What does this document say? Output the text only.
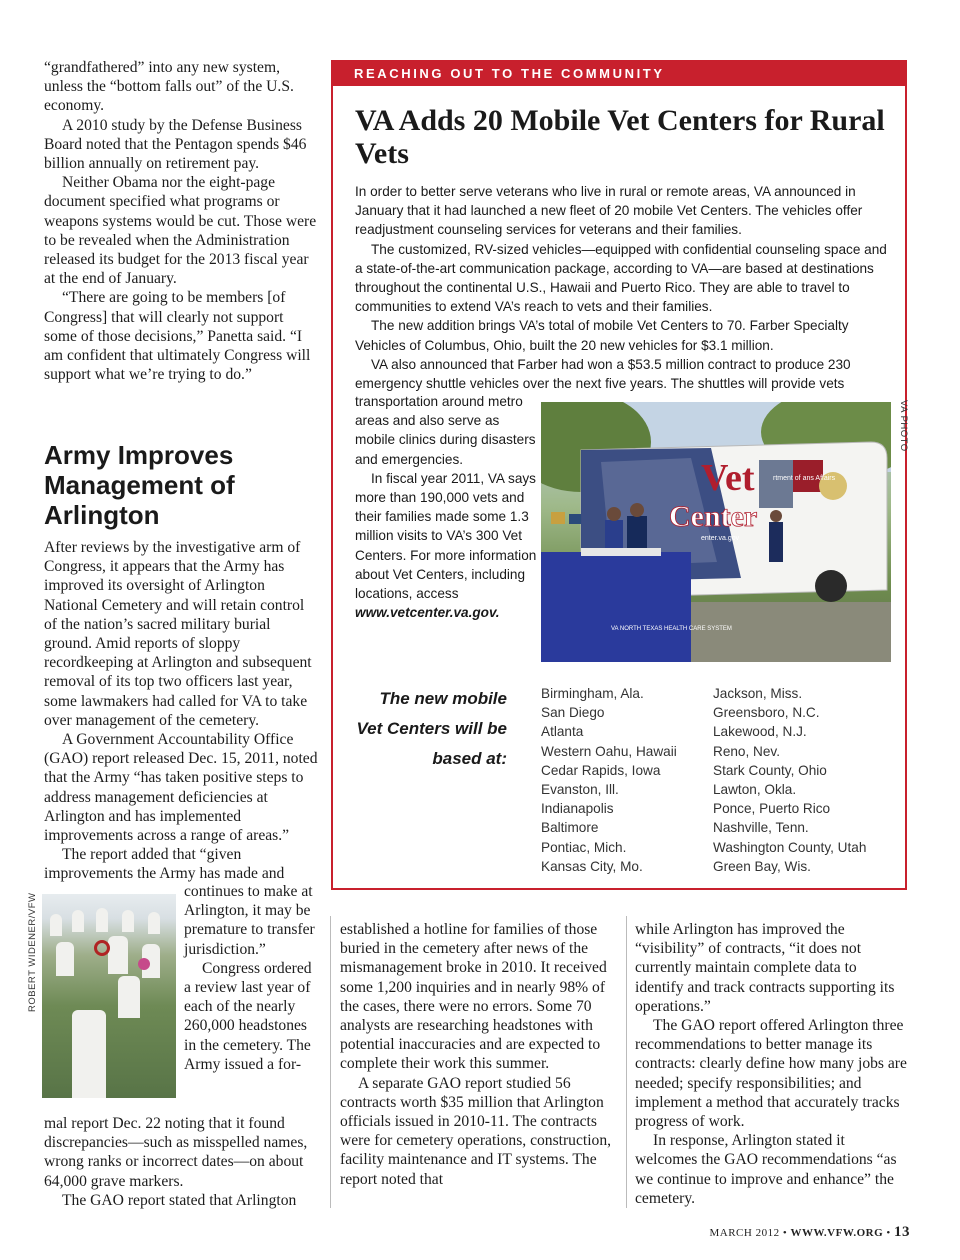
“grandfathered” into any new system, unless the “bottom falls out” of the U.S. economy.

A 2010 study by the Defense Business Board noted that the Pentagon spends $46 billion annually on retirement pay.

Neither Obama nor the eight-page document specified what programs or weapons systems would be cut. Those were to be revealed when the Administration released its budget for the 2013 fiscal year at the end of January.

“There are going to be members [of Congress] that will clearly not support some of those decisions,” Panetta said. “I am confident that ultimately Congress will support what we’re trying to do.”

Army Improves Management of Arlington

After reviews by the investigative arm of Congress, it appears that the Army has improved its oversight of Arlington National Cemetery and will retain control of the nation’s sacred military burial ground. Amid reports of sloppy recordkeeping at Arlington and subsequent removal of its top two officers last year, some lawmakers had called for VA to take over management of the cemetery.

A Government Accountability Office (GAO) report released Dec. 15, 2011, noted that the Army “has taken positive steps to address management deficiencies at Arlington and has implemented improvements across a range of areas.”

The report added that “given improvements the Army has made and

ROBERT WIDENER/VFW

continues to make at Arlington, it may be premature to transfer jurisdiction.”

Congress ordered a review last year of each of the nearly 260,000 headstones in the cemetery. The Army issued a for-

mal report Dec. 22 noting that it found discrepancies—such as misspelled names, wrong ranks or incorrect dates—on about 64,000 grave markers.

The GAO report stated that Arlington

REACHING OUT TO THE COMMUNITY
VA Adds 20 Mobile Vet Centers for Rural Vets

In order to better serve veterans who live in rural or remote areas, VA announced in January that it had launched a new fleet of 20 mobile Vet Centers. The vehicles offer readjustment counseling services for veterans and their families.

The customized, RV-sized vehicles—equipped with confidential counseling space and a state-of-the-art communication package, according to VA—are based at destinations throughout the continental U.S., Hawaii and Puerto Rico. They are able to travel to communities to extend VA’s reach to vets and their families.

The new addition brings VA’s total of mobile Vet Centers to 70. Farber Specialty Vehicles of Columbus, Ohio, built the 20 new vehicles for $3.1 million.

VA also announced that Farber had won a $53.5 million contract to produce 230 emergency shuttle vehicles over the next five years. The shuttles will provide vets

transportation around metro areas and also serve as mobile clinics during disasters and emergencies.

In fiscal year 2011, VA says more than 190,000 vets and their families made some 1.3 million visits to VA’s 300 Vet Centers. For more information about Vet Centers, including locations, access www.vetcenter.va.gov.

Vet
Center
enter.va.gov
rtment of ans Affairs
VA NORTH TEXAS HEALTH CARE SYSTEM
VA PHOTO
The new mobile Vet Centers will be based at:
Birmingham, Ala.
San Diego
Atlanta
Western Oahu, Hawaii
Cedar Rapids, Iowa
Evanston, Ill.
Indianapolis
Baltimore
Pontiac, Mich.
Kansas City, Mo.
Jackson, Miss.
Greensboro, N.C.
Lakewood, N.J.
Reno, Nev.
Stark County, Ohio
Lawton, Okla.
Ponce, Puerto Rico
Nashville, Tenn.
Washington County, Utah
Green Bay, Wis.

established a hotline for families of those buried in the cemetery after news of the mismanagement broke in 2010. It received some 1,200 inquiries and in nearly 98% of the cases, there were no errors. Some 70 analysts are researching headstones with potential inaccuracies and are expected to complete their work this summer.

A separate GAO report studied 56 contracts worth $35 million that Arlington officials issued in 2010-11. The contracts were for cemetery operations, construction, facility maintenance and IT systems. The report noted that

while Arlington has improved the “visibility” of contracts, “it does not currently maintain complete data to identify and track contracts supporting its operations.”

The GAO report offered Arlington three recommendations to better manage its contracts: clearly define how many jobs are needed; specify responsibilities; and implement a method that accurately tracks progress of work.

In response, Arlington stated it welcomes the GAO recommendations “as we continue to improve and enhance” the cemetery.

MARCH 2012 • WWW.VFW.ORG • 13
